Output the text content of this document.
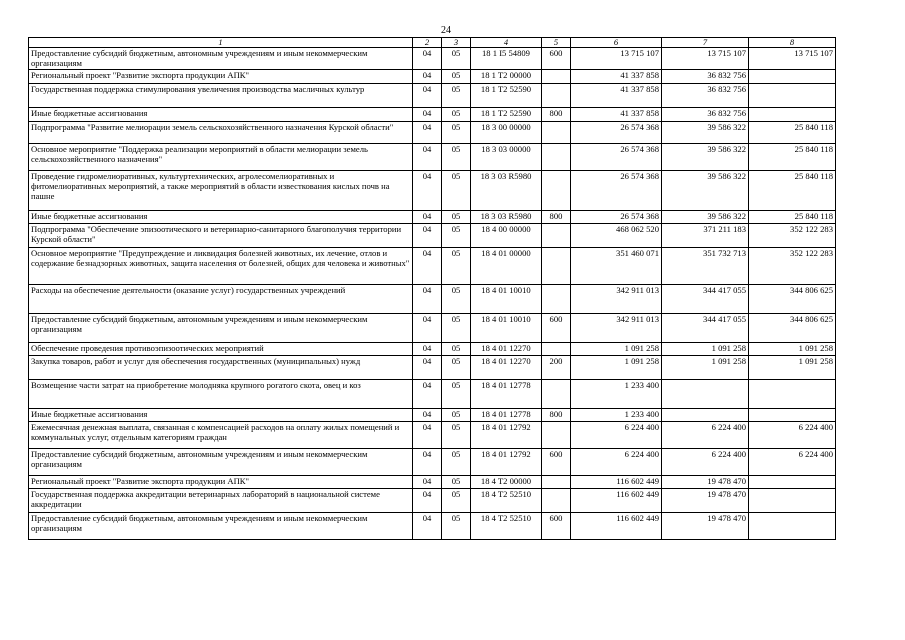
24
1	2	3	4	5	6	7	8
Предоставление субсидий бюджетным, автономным учреждениям и иным некоммерческим организациям	04	05	18 1 I5 54809	600	13 715 107	13 715 107	13 715 107
Региональный проект "Развитие экспорта продукции АПК"	04	05	18 1 T2 00000		41 337 858	36 832 756	
Государственная поддержка стимулирования увеличения производства масличных культур	04	05	18 1 T2 52590		41 337 858	36 832 756	
Иные бюджетные ассигнования	04	05	18 1 T2 52590	800	41 337 858	36 832 756	
Подпрограмма "Развитие мелиорации земель сельскохозяйственного назначения Курской области"	04	05	18 3 00 00000		26 574 368	39 586 322	25 840 118
Основное мероприятие "Поддержка реализации мероприятий в области мелиорации земель сельскохозяйственного назначения"	04	05	18 3 03 00000		26 574 368	39 586 322	25 840 118
Проведение гидромелиоративных, культуртехнических, агролесомелиоративных и фитомелиоративных мероприятий, а также мероприятий в области известкования кислых почв на пашне	04	05	18 3 03 R5980		26 574 368	39 586 322	25 840 118
Иные бюджетные ассигнования	04	05	18 3 03 R5980	800	26 574 368	39 586 322	25 840 118
Подпрограмма "Обеспечение эпизоотического и ветеринарно-санитарного благополучия территории Курской области"	04	05	18 4 00 00000		468 062 520	371 211 183	352 122 283
Основное мероприятие "Предупреждение и ликвидация болезней животных, их лечение, отлов и содержание безнадзорных животных, защита населения от болезней, общих для человека и животных"	04	05	18 4 01 00000		351 460 071	351 732 713	352 122 283
Расходы на обеспечение деятельности (оказание услуг) государственных учреждений	04	05	18 4 01 10010		342 911 013	344 417 055	344 806 625
Предоставление субсидий бюджетным, автономным учреждениям и иным некоммерческим организациям	04	05	18 4 01 10010	600	342 911 013	344 417 055	344 806 625
Обеспечение проведения противоэпизоотических мероприятий	04	05	18 4 01 12270		1 091 258	1 091 258	1 091 258
Закупка товаров, работ и услуг для обеспечения государственных (муниципальных) нужд	04	05	18 4 01 12270	200	1 091 258	1 091 258	1 091 258
Возмещение части затрат на приобретение молодняка крупного рогатого скота, овец и коз	04	05	18 4 01 12778		1 233 400		
Иные бюджетные ассигнования	04	05	18 4 01 12778	800	1 233 400		
Ежемесячная денежная выплата, связанная с компенсацией расходов на оплату жилых помещений и коммунальных услуг, отдельным категориям граждан	04	05	18 4 01 12792		6 224 400	6 224 400	6 224 400
Предоставление субсидий бюджетным, автономным учреждениям и иным некоммерческим организациям	04	05	18 4 01 12792	600	6 224 400	6 224 400	6 224 400
Региональный проект "Развитие экспорта продукции АПК"	04	05	18 4 T2 00000		116 602 449	19 478 470	
Государственная поддержка аккредитации ветеринарных лабораторий в национальной системе аккредитации	04	05	18 4 T2 52510		116 602 449	19 478 470	
Предоставление субсидий бюджетным, автономным учреждениям и иным некоммерческим организациям	04	05	18 4 T2 52510	600	116 602 449	19 478 470	
